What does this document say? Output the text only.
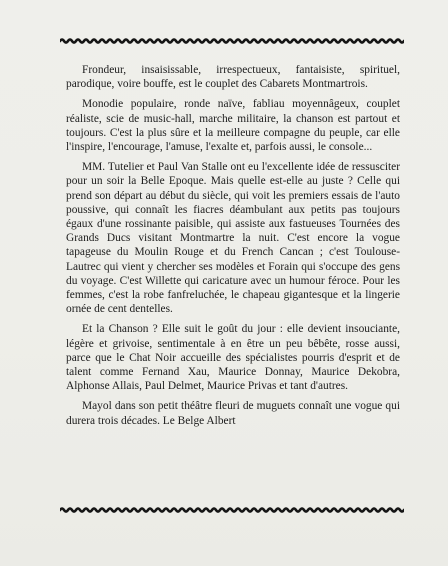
Frondeur, insaisissable, irrespectueux, fantaisiste, spirituel, parodique, voire bouffe, est le couplet des Cabarets Montmartrois.

Monodie populaire, ronde naïve, fabliau moyennâgeux, couplet réaliste, scie de music-hall, marche militaire, la chanson est partout et toujours. C'est la plus sûre et la meilleure compagne du peuple, car elle l'inspire, l'encourage, l'amuse, l'exalte et, parfois aussi, le console...

MM. Tutelier et Paul Van Stalle ont eu l'excellente idée de ressusciter pour un soir la Belle Epoque. Mais quelle est-elle au juste ? Celle qui prend son départ au début du siècle, qui voit les premiers essais de l'auto poussive, qui connaît les fiacres déambulant aux petits pas toujours égaux d'une rossinante paisible, qui assiste aux fastueuses Tournées des Grands Ducs visitant Montmartre la nuit. C'est encore la vogue tapageuse du Moulin Rouge et du French Cancan ; c'est Toulouse-Lautrec qui vient y chercher ses modèles et Forain qui s'occupe des gens du voyage. C'est Willette qui caricature avec un humour féroce. Pour les femmes, c'est la robe fanfreluchée, le chapeau gigantesque et la lingerie ornée de cent dentelles.

Et la Chanson ? Elle suit le goût du jour : elle devient insouciante, légère et grivoise, sentimentale à en être un peu bêbête, rosse aussi, parce que le Chat Noir accueille des spécialistes pourris d'esprit et de talent comme Fernand Xau, Maurice Donnay, Maurice Dekobra, Alphonse Allais, Paul Delmet, Maurice Privas et tant d'autres.

Mayol dans son petit théâtre fleuri de muguets connaît une vogue qui durera trois décades. Le Belge Albert
